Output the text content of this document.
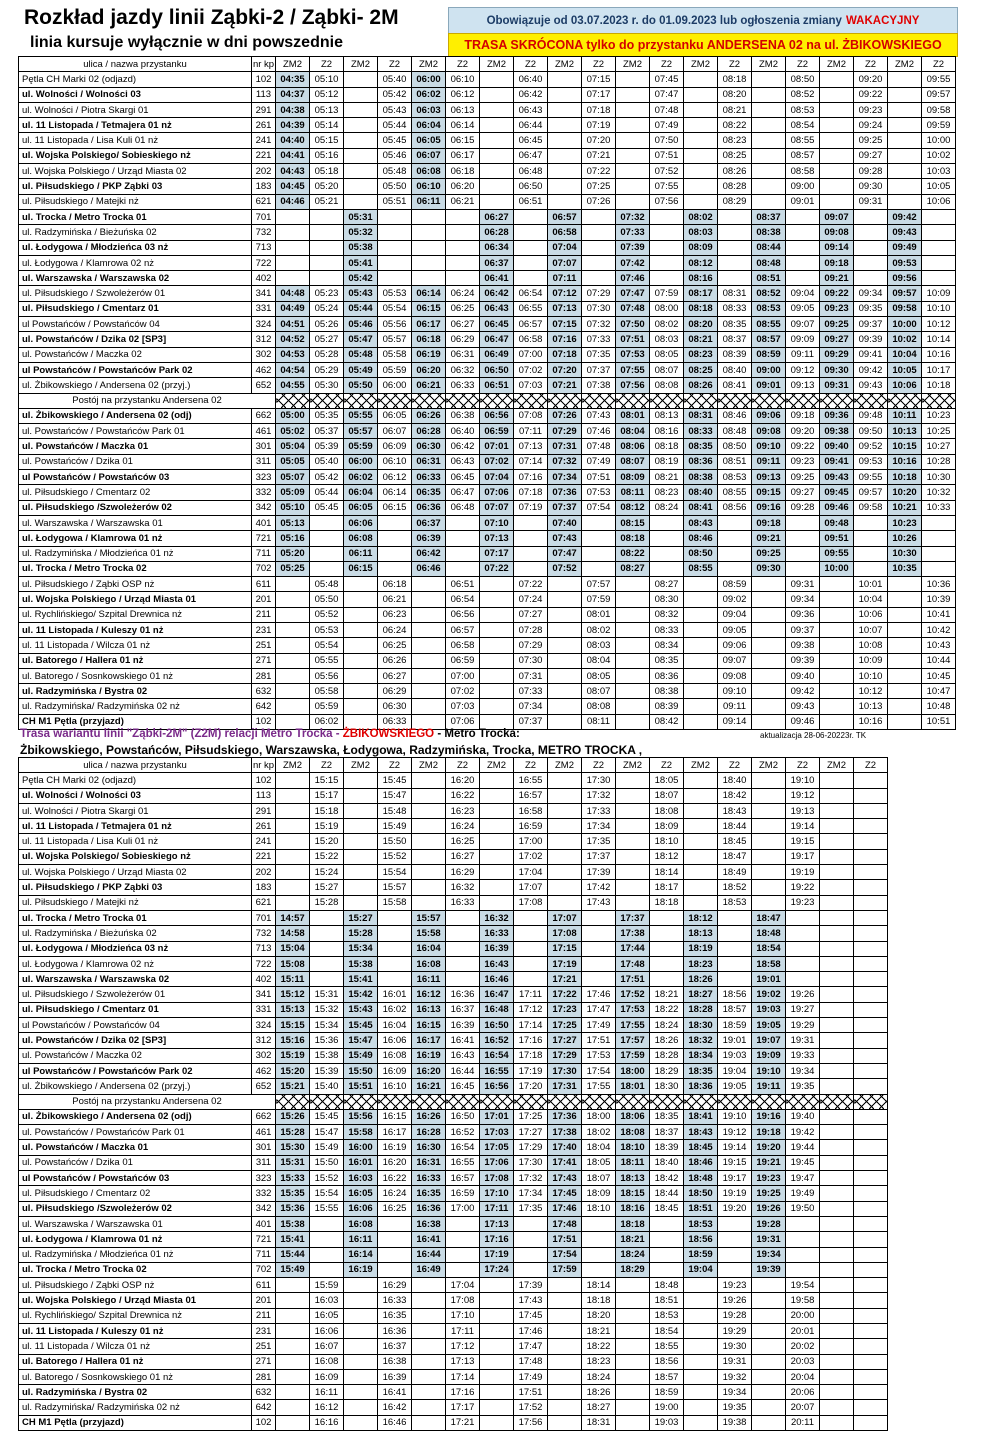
Rozkład jazdy linii Ząbki-2 / Ząbki- 2M
linia kursuje wyłącznie w dni powszednie
Obowiązuje od 03.07.2023 r. do 01.09.2023 lub ogłoszenia zmiany WAKACYJNY
TRASA SKRÓCONA tylko do przystanku ANDERSENA 02 na ul. ŻBIKOWSKIEGO
ulica / nazwa przystanku	nr kp	ZM2	Z2	ZM2	Z2	ZM2	Z2	ZM2	Z2	ZM2	Z2	ZM2	Z2	ZM2	Z2	ZM2	Z2	ZM2	Z2	ZM2	Z2
Pętla CH Marki 02 (odjazd)	102	04:35	05:10		05:40	06:00	06:10		06:40		07:15		07:45		08:18		08:50		09:20		09:55
ul. Wolności / Wolności 03	113	04:37	05:12		05:42	06:02	06:12		06:42		07:17		07:47		08:20		08:52		09:22		09:57
ul. Wolności / Piotra Skargi 01	291	04:38	05:13		05:43	06:03	06:13		06:43		07:18		07:48		08:21		08:53		09:23		09:58
ul. 11 Listopada / Tetmajera 01 nż	261	04:39	05:14		05:44	06:04	06:14		06:44		07:19		07:49		08:22		08:54		09:24		09:59
ul. 11 Listopada / Lisa Kuli 01 nż	241	04:40	05:15		05:45	06:05	06:15		06:45		07:20		07:50		08:23		08:55		09:25		10:00
ul. Wojska Polskiego/ Sobieskiego nż	221	04:41	05:16		05:46	06:07	06:17		06:47		07:21		07:51		08:25		08:57		09:27		10:02
ul. Wojska Polskiego / Urząd Miasta 02	202	04:43	05:18		05:48	06:08	06:18		06:48		07:22		07:52		08:26		08:58		09:28		10:03
ul. Piłsudskiego / PKP Ząbki 03	183	04:45	05:20		05:50	06:10	06:20		06:50		07:25		07:55		08:28		09:00		09:30		10:05
ul. Piłsudskiego / Matejki nż	621	04:46	05:21		05:51	06:11	06:21		06:51		07:26		07:56		08:29		09:01		09:31		10:06
ul. Trocka / Metro Trocka 01	701			05:31				06:27		06:57		07:32		08:02		08:37		09:07		09:42	
ul. Radzymińska / Bieżuńska 02	732			05:32				06:28		06:58		07:33		08:03		08:38		09:08		09:43	
ul. Łodygowa / Młodzieńca 03 nż	713			05:38				06:34		07:04		07:39		08:09		08:44		09:14		09:49	
ul. Łodygowa / Klamrowa 02 nż	722			05:41				06:37		07:07		07:42		08:12		08:48		09:18		09:53	
ul. Warszawska / Warszawska 02	402			05:42				06:41		07:11		07:46		08:16		08:51		09:21		09:56	
ul. Piłsudskiego / Szwoleżerów 01	341	04:48	05:23	05:43	05:53	06:14	06:24	06:42	06:54	07:12	07:29	07:47	07:59	08:17	08:31	08:52	09:04	09:22	09:34	09:57	10:09
ul. Piłsudskiego / Cmentarz 01	331	04:49	05:24	05:44	05:54	06:15	06:25	06:43	06:55	07:13	07:30	07:48	08:00	08:18	08:33	08:53	09:05	09:23	09:35	09:58	10:10
ul Powstańców / Powstańców 04	324	04:51	05:26	05:46	05:56	06:17	06:27	06:45	06:57	07:15	07:32	07:50	08:02	08:20	08:35	08:55	09:07	09:25	09:37	10:00	10:12
ul. Powstańców / Dzika 02 [SP3]	312	04:52	05:27	05:47	05:57	06:18	06:29	06:47	06:58	07:16	07:33	07:51	08:03	08:21	08:37	08:57	09:09	09:27	09:39	10:02	10:14
ul. Powstańców / Maczka 02	302	04:53	05:28	05:48	05:58	06:19	06:31	06:49	07:00	07:18	07:35	07:53	08:05	08:23	08:39	08:59	09:11	09:29	09:41	10:04	10:16
ul Powstańców / Powstańców Park 02	462	04:54	05:29	05:49	05:59	06:20	06:32	06:50	07:02	07:20	07:37	07:55	08:07	08:25	08:40	09:00	09:12	09:30	09:42	10:05	10:17
ul. Żbikowskiego / Andersena 02 (przyj.)	652	04:55	05:30	05:50	06:00	06:21	06:33	06:51	07:03	07:21	07:38	07:56	08:08	08:26	08:41	09:01	09:13	09:31	09:43	10:06	10:18
Postój na przystanku Andersena 02																					
ul. Żbikowskiego / Andersena 02 (odj)	662	05:00	05:35	05:55	06:05	06:26	06:38	06:56	07:08	07:26	07:43	08:01	08:13	08:31	08:46	09:06	09:18	09:36	09:48	10:11	10:23
ul. Powstańców / Powstańców Park 01	461	05:02	05:37	05:57	06:07	06:28	06:40	06:59	07:11	07:29	07:46	08:04	08:16	08:33	08:48	09:08	09:20	09:38	09:50	10:13	10:25
ul. Powstańców / Maczka 01	301	05:04	05:39	05:59	06:09	06:30	06:42	07:01	07:13	07:31	07:48	08:06	08:18	08:35	08:50	09:10	09:22	09:40	09:52	10:15	10:27
ul. Powstańców / Dzika 01	311	05:05	05:40	06:00	06:10	06:31	06:43	07:02	07:14	07:32	07:49	08:07	08:19	08:36	08:51	09:11	09:23	09:41	09:53	10:16	10:28
ul Powstańców / Powstańców 03	323	05:07	05:42	06:02	06:12	06:33	06:45	07:04	07:16	07:34	07:51	08:09	08:21	08:38	08:53	09:13	09:25	09:43	09:55	10:18	10:30
ul. Piłsudskiego / Cmentarz 02	332	05:09	05:44	06:04	06:14	06:35	06:47	07:06	07:18	07:36	07:53	08:11	08:23	08:40	08:55	09:15	09:27	09:45	09:57	10:20	10:32
ul. Piłsudskiego /Szwoleżerów 02	342	05:10	05:45	06:05	06:15	06:36	06:48	07:07	07:19	07:37	07:54	08:12	08:24	08:41	08:56	09:16	09:28	09:46	09:58	10:21	10:33
ul. Warszawska / Warszawska 01	401	05:13		06:06		06:37		07:10		07:40		08:15		08:43		09:18		09:48		10:23	
ul. Łodygowa / Klamrowa 01 nż	721	05:16		06:08		06:39		07:13		07:43		08:18		08:46		09:21		09:51		10:26	
ul. Radzymińska / Młodzieńca 01 nż	711	05:20		06:11		06:42		07:17		07:47		08:22		08:50		09:25		09:55		10:30	
ul. Trocka / Metro Trocka 02	702	05:25		06:15		06:46		07:22		07:52		08:27		08:55		09:30		10:00		10:35	
ul. Piłsudskiego / Ząbki OSP nż	611		05:48		06:18		06:51		07:22		07:57		08:27		08:59		09:31		10:01		10:36
ul. Wojska Polskiego / Urząd Miasta 01	201		05:50		06:21		06:54		07:24		07:59		08:30		09:02		09:34		10:04		10:39
ul. Rychlińskiego/ Szpital Drewnica nż	211		05:52		06:23		06:56		07:27		08:01		08:32		09:04		09:36		10:06		10:41
ul. 11 Listopada / Kuleszy 01 nż	231		05:53		06:24		06:57		07:28		08:02		08:33		09:05		09:37		10:07		10:42
ul. 11 Listopada / Wilcza 01 nż	251		05:54		06:25		06:58		07:29		08:03		08:34		09:06		09:38		10:08		10:43
ul. Batorego / Hallera 01 nż	271		05:55		06:26		06:59		07:30		08:04		08:35		09:07		09:39		10:09		10:44
ul. Batorego / Sosnkowskiego 01 nż	281		05:56		06:27		07:00		07:31		08:05		08:36		09:08		09:40		10:10		10:45
ul. Radzymińska / Bystra 02	632		05:58		06:29		07:02		07:33		08:07		08:38		09:10		09:42		10:12		10:47
ul. Radzymińska/ Radzymińska 02 nż	642		05:59		06:30		07:03		07:34		08:08		08:39		09:11		09:43		10:13		10:48
CH M1 Pętla (przyjazd)	102		06:02		06:33		07:06		07:37		08:11		08:42		09:14		09:46		10:16		10:51
Trasa wariantu linii "Ząbki-2M" (Z2M) relacji Metro Trocka - ŻBIKOWSKIEGO - Metro Trocka:	aktualizacja 28-06-20223r. TK
Żbikowskiego, Powstańców, Piłsudskiego, Warszawska, Łodygowa, Radzymińska, Trocka, METRO TROCKA ,
ulica / nazwa przystanku	nr kp	ZM2	Z2	ZM2	Z2	ZM2	Z2	ZM2	Z2	ZM2	Z2	ZM2	Z2	ZM2	Z2	ZM2	Z2	ZM2	Z2
Pętla CH Marki 02 (odjazd)	102		15:15		15:45		16:20		16:55		17:30		18:05		18:40		19:10		
ul. Wolności / Wolności 03	113		15:17		15:47		16:22		16:57		17:32		18:07		18:42		19:12		
ul. Wolności / Piotra Skargi 01	291		15:18		15:48		16:23		16:58		17:33		18:08		18:43		19:13		
ul. 11 Listopada / Tetmajera 01 nż	261		15:19		15:49		16:24		16:59		17:34		18:09		18:44		19:14		
ul. 11 Listopada / Lisa Kuli 01 nż	241		15:20		15:50		16:25		17:00		17:35		18:10		18:45		19:15		
ul. Wojska Polskiego/ Sobieskiego nż	221		15:22		15:52		16:27		17:02		17:37		18:12		18:47		19:17		
ul. Wojska Polskiego / Urząd Miasta 02	202		15:24		15:54		16:29		17:04		17:39		18:14		18:49		19:19		
ul. Piłsudskiego / PKP Ząbki 03	183		15:27		15:57		16:32		17:07		17:42		18:17		18:52		19:22		
ul. Piłsudskiego / Matejki nż	621		15:28		15:58		16:33		17:08		17:43		18:18		18:53		19:23		
ul. Trocka / Metro Trocka 01	701	14:57		15:27		15:57		16:32		17:07		17:37		18:12		18:47			
ul. Radzymińska / Bieżuńska 02	732	14:58		15:28		15:58		16:33		17:08		17:38		18:13		18:48			
ul. Łodygowa / Młodzieńca 03 nż	713	15:04		15:34		16:04		16:39		17:15		17:44		18:19		18:54			
ul. Łodygowa / Klamrowa 02 nż	722	15:08		15:38		16:08		16:43		17:19		17:48		18:23		18:58			
ul. Warszawska / Warszawska 02	402	15:11		15:41		16:11		16:46		17:21		17:51		18:26		19:01			
ul. Piłsudskiego / Szwoleżerów 01	341	15:12	15:31	15:42	16:01	16:12	16:36	16:47	17:11	17:22	17:46	17:52	18:21	18:27	18:56	19:02	19:26		
ul. Piłsudskiego / Cmentarz 01	331	15:13	15:32	15:43	16:02	16:13	16:37	16:48	17:12	17:23	17:47	17:53	18:22	18:28	18:57	19:03	19:27		
ul Powstańców / Powstańców 04	324	15:15	15:34	15:45	16:04	16:15	16:39	16:50	17:14	17:25	17:49	17:55	18:24	18:30	18:59	19:05	19:29		
ul. Powstańców / Dzika 02 [SP3]	312	15:16	15:36	15:47	16:06	16:17	16:41	16:52	17:16	17:27	17:51	17:57	18:26	18:32	19:01	19:07	19:31		
ul. Powstańców / Maczka 02	302	15:19	15:38	15:49	16:08	16:19	16:43	16:54	17:18	17:29	17:53	17:59	18:28	18:34	19:03	19:09	19:33		
ul Powstańców / Powstańców Park 02	462	15:20	15:39	15:50	16:09	16:20	16:44	16:55	17:19	17:30	17:54	18:00	18:29	18:35	19:04	19:10	19:34		
ul. Żbikowskiego / Andersena 02 (przyj.)	652	15:21	15:40	15:51	16:10	16:21	16:45	16:56	17:20	17:31	17:55	18:01	18:30	18:36	19:05	19:11	19:35		
Postój na przystanku Andersena 02																			
ul. Żbikowskiego / Andersena 02 (odj)	662	15:26	15:45	15:56	16:15	16:26	16:50	17:01	17:25	17:36	18:00	18:06	18:35	18:41	19:10	19:16	19:40		
ul. Powstańców / Powstańców Park 01	461	15:28	15:47	15:58	16:17	16:28	16:52	17:03	17:27	17:38	18:02	18:08	18:37	18:43	19:12	19:18	19:42		
ul. Powstańców / Maczka 01	301	15:30	15:49	16:00	16:19	16:30	16:54	17:05	17:29	17:40	18:04	18:10	18:39	18:45	19:14	19:20	19:44		
ul. Powstańców / Dzika 01	311	15:31	15:50	16:01	16:20	16:31	16:55	17:06	17:30	17:41	18:05	18:11	18:40	18:46	19:15	19:21	19:45		
ul Powstańców / Powstańców 03	323	15:33	15:52	16:03	16:22	16:33	16:57	17:08	17:32	17:43	18:07	18:13	18:42	18:48	19:17	19:23	19:47		
ul. Piłsudskiego / Cmentarz 02	332	15:35	15:54	16:05	16:24	16:35	16:59	17:10	17:34	17:45	18:09	18:15	18:44	18:50	19:19	19:25	19:49		
ul. Piłsudskiego /Szwoleżerów 02	342	15:36	15:55	16:06	16:25	16:36	17:00	17:11	17:35	17:46	18:10	18:16	18:45	18:51	19:20	19:26	19:50		
ul. Warszawska / Warszawska 01	401	15:38		16:08		16:38		17:13		17:48		18:18		18:53		19:28			
ul. Łodygowa / Klamrowa 01 nż	721	15:41		16:11		16:41		17:16		17:51		18:21		18:56		19:31			
ul. Radzymińska / Młodzieńca 01 nż	711	15:44		16:14		16:44		17:19		17:54		18:24		18:59		19:34			
ul. Trocka / Metro Trocka 02	702	15:49		16:19		16:49		17:24		17:59		18:29		19:04		19:39			
ul. Piłsudskiego / Ząbki OSP nż	611		15:59		16:29		17:04		17:39		18:14		18:48		19:23		19:54		
ul. Wojska Polskiego / Urząd Miasta 01	201		16:03		16:33		17:08		17:43		18:18		18:51		19:26		19:58		
ul. Rychlińskiego/ Szpital Drewnica nż	211		16:05		16:35		17:10		17:45		18:20		18:53		19:28		20:00		
ul. 11 Listopada / Kuleszy 01 nż	231		16:06		16:36		17:11		17:46		18:21		18:54		19:29		20:01		
ul. 11 Listopada / Wilcza 01 nż	251		16:07		16:37		17:12		17:47		18:22		18:55		19:30		20:02		
ul. Batorego / Hallera 01 nż	271		16:08		16:38		17:13		17:48		18:23		18:56		19:31		20:03		
ul. Batorego / Sosnkowskiego 01 nż	281		16:09		16:39		17:14		17:49		18:24		18:57		19:32		20:04		
ul. Radzymińska / Bystra 02	632		16:11		16:41		17:16		17:51		18:26		18:59		19:34		20:06		
ul. Radzymińska/ Radzymińska 02 nż	642		16:12		16:42		17:17		17:52		18:27		19:00		19:35		20:07		
CH M1 Pętla (przyjazd)	102		16:16		16:46		17:21		17:56		18:31		19:03		19:38		20:11		
